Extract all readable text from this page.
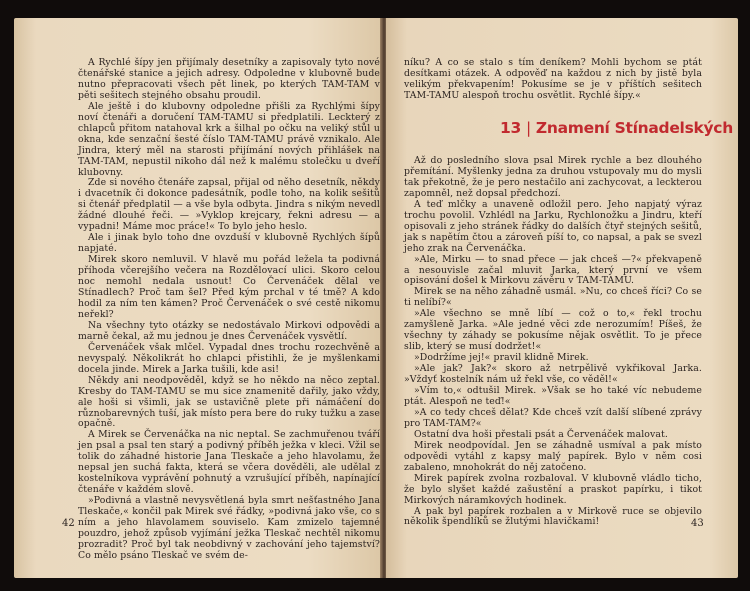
A Rychlé šípy jen přijímaly desetníky a zapisovaly tyto nové čtenářské stanice a jejich adresy. Odpoledne v klubovně bude nutno přepracovati všech pět linek, po kterých TAM-TAM v pěti sešitech stejného obsahu proudil.

Ale ještě i do klubovny odpoledne přišli za Rychlými šípy noví čtenáři a doručení TAM-TAMU si předplatili. Leckterý z chlapců přitom natahoval krk a šilhal po očku na veliký stůl u okna, kde senzační šesté číslo TAM-TAMU právě vznikalo. Ale Jindra, který měl na starosti přijímání nových přihlášek na TAM-TAM, nepustil nikoho dál než k malému stolečku u dveří klubovny.

Zde si nového čtenáře zapsal, přijal od něho desetník, někdy i dvacetník či dokonce padesátník, podle toho, na kolik sešitů si čtenář předplatil — a vše byla odbyta. Jindra s nikým nevedl žádné dlouhé řeči. — »Vyklop krejcary, řekni adresu — a vypadni! Máme moc práce!« To bylo jeho heslo.

Ale i jinak bylo toho dne ovzduší v klubovně Rychlých šípů napjaté.

Mirek skoro nemluvil. V hlavě mu pořád ležela ta podivná příhoda včerejšího večera na Rozdělovací ulici. Skoro celou noc nemohl nedala usnout! Co Červenáček dělal ve Stínadlech? Proč tam šel? Před kým prchal v té tmě? A kdo hodil za ním ten kámen? Proč Červenáček o své cestě nikomu neřekl?

Na všechny tyto otázky se nedostávalo Mirkovi odpovědi a marně čekal, až mu jednou je dnes Červenáček vysvětlí.

Červenáček však mlčel. Vypadal dnes trochu rozechvěně a nevyspalý. Několikrát ho chlapci přistihli, že je myšlenkami docela jinde. Mirek a Jarka tušili, kde asi!

Někdy ani neodpověděl, když se ho někdo na něco zeptal. Kresby do TAM-TAMU se mu sice znamenitě dařily, jako vždy, ale hoši si všimli, jak se ustavičně plete při námáčení do různobarevných tuší, jak místo pera bere do ruky tužku a zase opačně.

A Mirek se Červenáčka na nic neptal. Se zachmuřenou tváří jen psal a psal ten starý a podivný příběh ježka v kleci. Vžil se tolik do záhadné historie Jana Tleskače a jeho hlavolamu, že nepsal jen suchá fakta, která se včera dověděli, ale udělal z kostelníkova vyprávění pohnutý a vzrušující příběh, napínající čtenáře v každém slově.

»Podivná a vlastně nevysvětlená byla smrt nešťastného Jana Tleskače,« končil pak Mirek své řádky, »podivná jako vše, co s ním a jeho hlavolamem souviselo. Kam zmizelo tajemné pouzdro, jehož způsob vyjímání ježka Tleskač nechtěl nikomu prozradit? Proč byl tak neobdivný v zachování jeho tajemství? Co mělo psáno Tleskač ve svém de-

42

níku? A co se stalo s tím deníkem? Mohli bychom se ptát desítkami otázek. A odpověď na každou z nich by jistě byla velikým překvapením! Pokusíme se je v příštích sešitech TAM-TAMU alespoň trochu osvětlit. Rychlé šípy.«

13 | Znamení Stínadelských

Až do posledního slova psal Mirek rychle a bez dlouhého přemítání. Myšlenky jedna za druhou vstupovaly mu do mysli tak překotně, že je pero nestačilo ani zachycovat, a leckterou zapomněl, než dopsal předchozí.

A teď mlčky a unaveně odložil pero. Jeho napjatý výraz trochu povolil. Vzhlédl na Jarku, Rychlonožku a Jindru, kteří opisovali z jeho stránek řádky do dalších čtyř stejných sešitů, jak s napětím čtou a zároveň píší to, co napsal, a pak se svezl jeho zrak na Červenáčka.

»Ale, Mirku — to snad přece — jak chceš —?« překvapeně a nesouvisle začal mluvit Jarka, který první ve všem opisování došel k Mirkovu závěru v TAM-TAMU.

Mirek se na něho záhadně usmál. »Nu, co chceš říci? Co se ti nelíbí?«

»Ale všechno se mně líbí — což o to,« řekl trochu zamyšleně Jarka. »Ale jedné věci zde nerozumím! Píšeš, že všechny ty záhady se pokusíme nějak osvětlit. To je přece slib, který se musí dodržet!«

»Dodržíme jej!« pravil klidně Mirek.

»Ale jak? Jak?« skoro až netrpělivě vykřikoval Jarka. »Vždyť kostelník nám už řekl vše, co věděl!«

»Vím to,« odtušil Mirek. »Však se ho také víc nebudeme ptát. Alespoň ne teď!«

»A co tedy chceš dělat? Kde chceš vzít další slíbené zprávy pro TAM-TAM?«

Ostatní dva hoši přestali psát a Červenáček malovat.

Mirek neodpovídal. Jen se záhadně usmíval a pak místo odpovědi vytáhl z kapsy malý papírek. Bylo v něm cosi zabaleno, mnohokrát do něj zatočeno.

Mirek papírek zvolna rozbaloval. V klubovně vládlo ticho, že bylo slyšet každé zašustění a praskot papírku, i tikot Mirkových náramkových hodinek.

A pak byl papírek rozbalen a v Mirkově ruce se objevilo několik špendlíků se žlutými hlavičkami!	43
